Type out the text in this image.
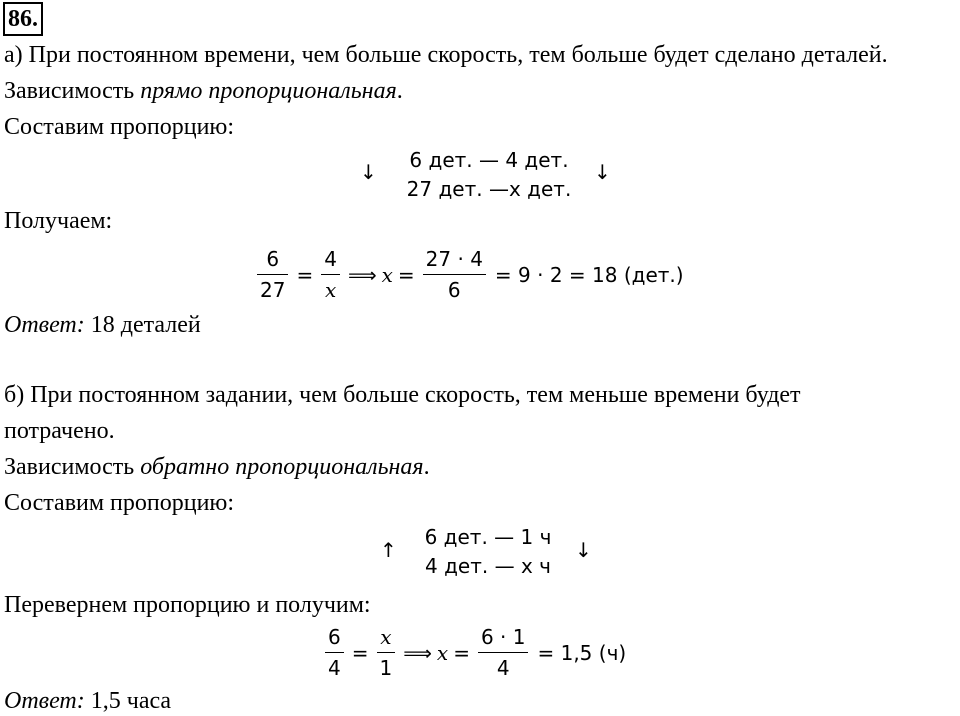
86.
а) При постоянном времени, чем больше скорость, тем больше будет сделано деталей.
Зависимость прямо пропорциональная.
Составим пропорцию:
↓	6 дет. — 4 дет.
27 дет. —х дет.
↓
Получаем:
$\frac{6}{27} = \frac{4}{x}$ ⟹ $x = \frac{27 \cdot 4}{6} = 9 \cdot 2 = 18$ (дет.)
Ответ: 18 деталей
б) При постоянном задании, чем больше скорость, тем меньше времени будет
потрачено.
Зависимость обратно пропорциональная.
Составим пропорцию:
↑
6 дет. — 1 ч
4 дет. — х ч
↓
Перевернем пропорцию и получим:
$\frac{6}{4} = \frac{x}{1}$ ⟹ $x = \frac{6 \cdot 1}{4} = 1,5$ (ч)
Ответ: 1,5 часа
